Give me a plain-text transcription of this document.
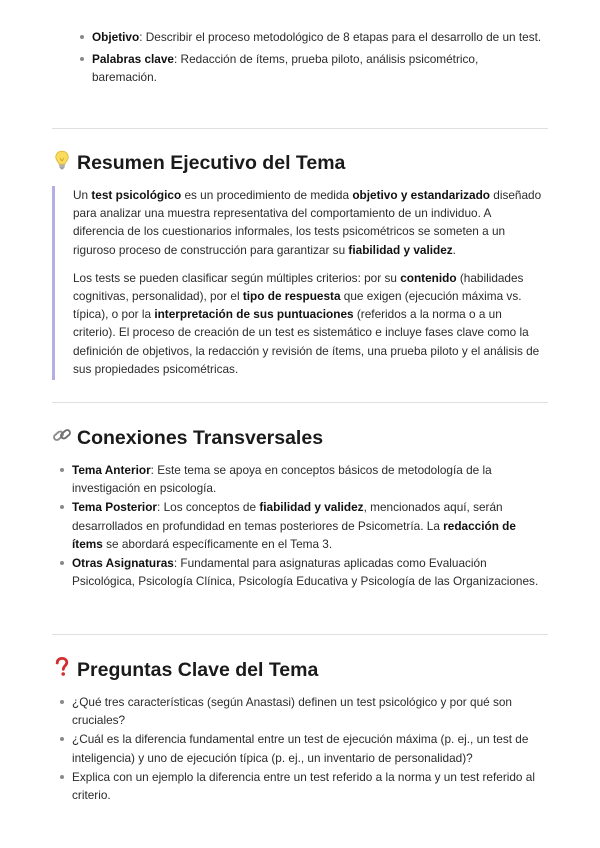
Objetivo: Describir el proceso metodológico de 8 etapas para el desarrollo de un test.
Palabras clave: Redacción de ítems, prueba piloto, análisis psicométrico, baremación.
Resumen Ejecutivo del Tema

Un test psicológico es un procedimiento de medida objetivo y estandarizado diseñado para analizar una muestra representativa del comportamiento de un individuo. A diferencia de los cuestionarios informales, los tests psicométricos se someten a un riguroso proceso de construcción para garantizar su fiabilidad y validez.

Los tests se pueden clasificar según múltiples criterios: por su contenido (habilidades cognitivas, personalidad), por el tipo de respuesta que exigen (ejecución máxima vs. típica), o por la interpretación de sus puntuaciones (referidos a la norma o a un criterio). El proceso de creación de un test es sistemático e incluye fases clave como la definición de objetivos, la redacción y revisión de ítems, una prueba piloto y el análisis de sus propiedades psicométricas.

Conexiones Transversales
Tema Anterior: Este tema se apoya en conceptos básicos de metodología de la investigación en psicología.
Tema Posterior: Los conceptos de fiabilidad y validez, mencionados aquí, serán desarrollados en profundidad en temas posteriores de Psicometría. La redacción de ítems se abordará específicamente en el Tema 3.
Otras Asignaturas: Fundamental para asignaturas aplicadas como Evaluación Psicológica, Psicología Clínica, Psicología Educativa y Psicología de las Organizaciones.
Preguntas Clave del Tema
¿Qué tres características (según Anastasi) definen un test psicológico y por qué son cruciales?
¿Cuál es la diferencia fundamental entre un test de ejecución máxima (p. ej., un test de inteligencia) y uno de ejecución típica (p. ej., un inventario de personalidad)?
Explica con un ejemplo la diferencia entre un test referido a la norma y un test referido al criterio.
